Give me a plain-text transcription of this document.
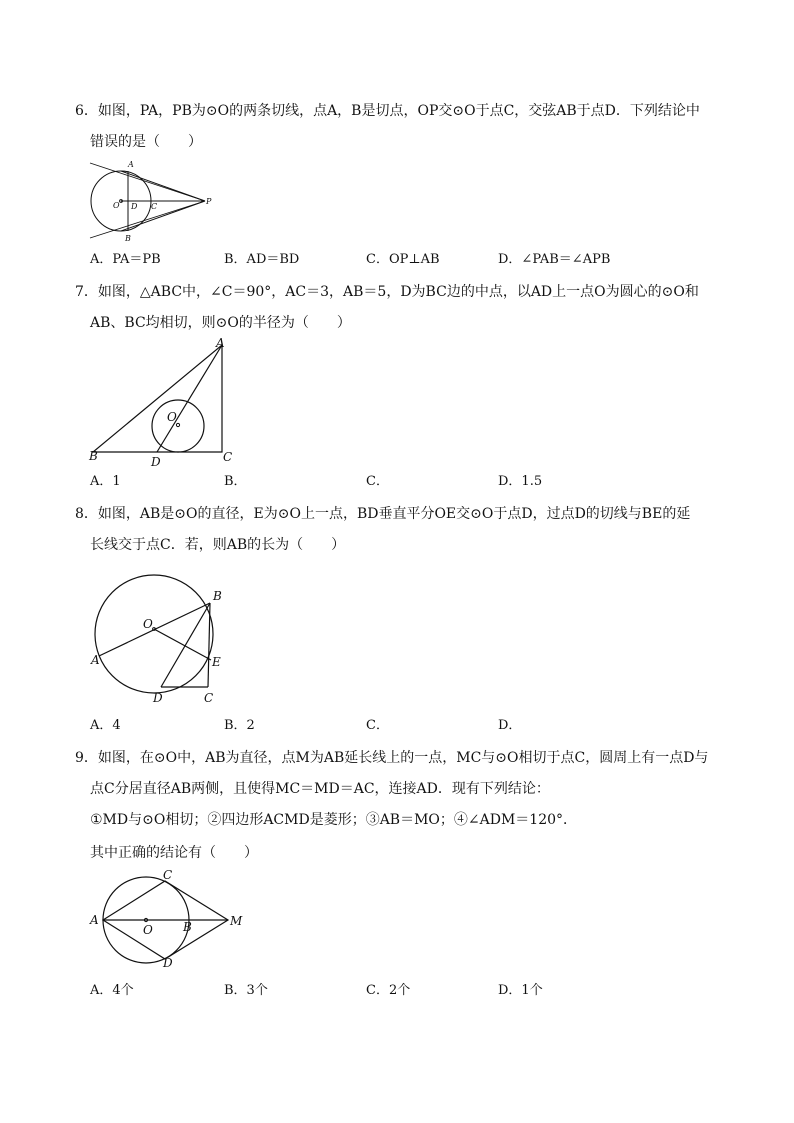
6．如图，PA，PB为⊙O的两条切线，点A，B是切点，OP交⊙O于点C，交弦AB于点D．下列结论中
错误的是（　　）
A
B
O D C
P
A．PA＝PB	B．AD＝BD	C．OP⊥AB	D．∠PAB＝∠APB
7．如图，△ABC中，∠C＝90°，AC＝3，AB＝5，D为BC边的中点，以AD上一点O为圆心的⊙O和
AB、BC均相切，则⊙O的半径为（　　）
A
O
B	D	C
A．1	B．	C．	D．1.5
8．如图，AB是⊙O的直径，E为⊙O上一点，BD垂直平分OE交⊙O于点D，过点D的切线与BE的延
长线交于点C．若，则AB的长为（　　）
B
O
A	E
D	C
A．4	B．2	C．	D．
9．如图，在⊙O中，AB为直径，点M为AB延长线上的一点，MC与⊙O相切于点C，圆周上有一点D与
点C分居直径AB两侧，且使得MC＝MD＝AC，连接AD．现有下列结论：
①MD与⊙O相切；②四边形ACMD是菱形；③AB＝MO；④∠ADM＝120°．
其中正确的结论有（　　）
C
A
O	B	M
D
A．4个	B．3个	C．2个	D．1个
